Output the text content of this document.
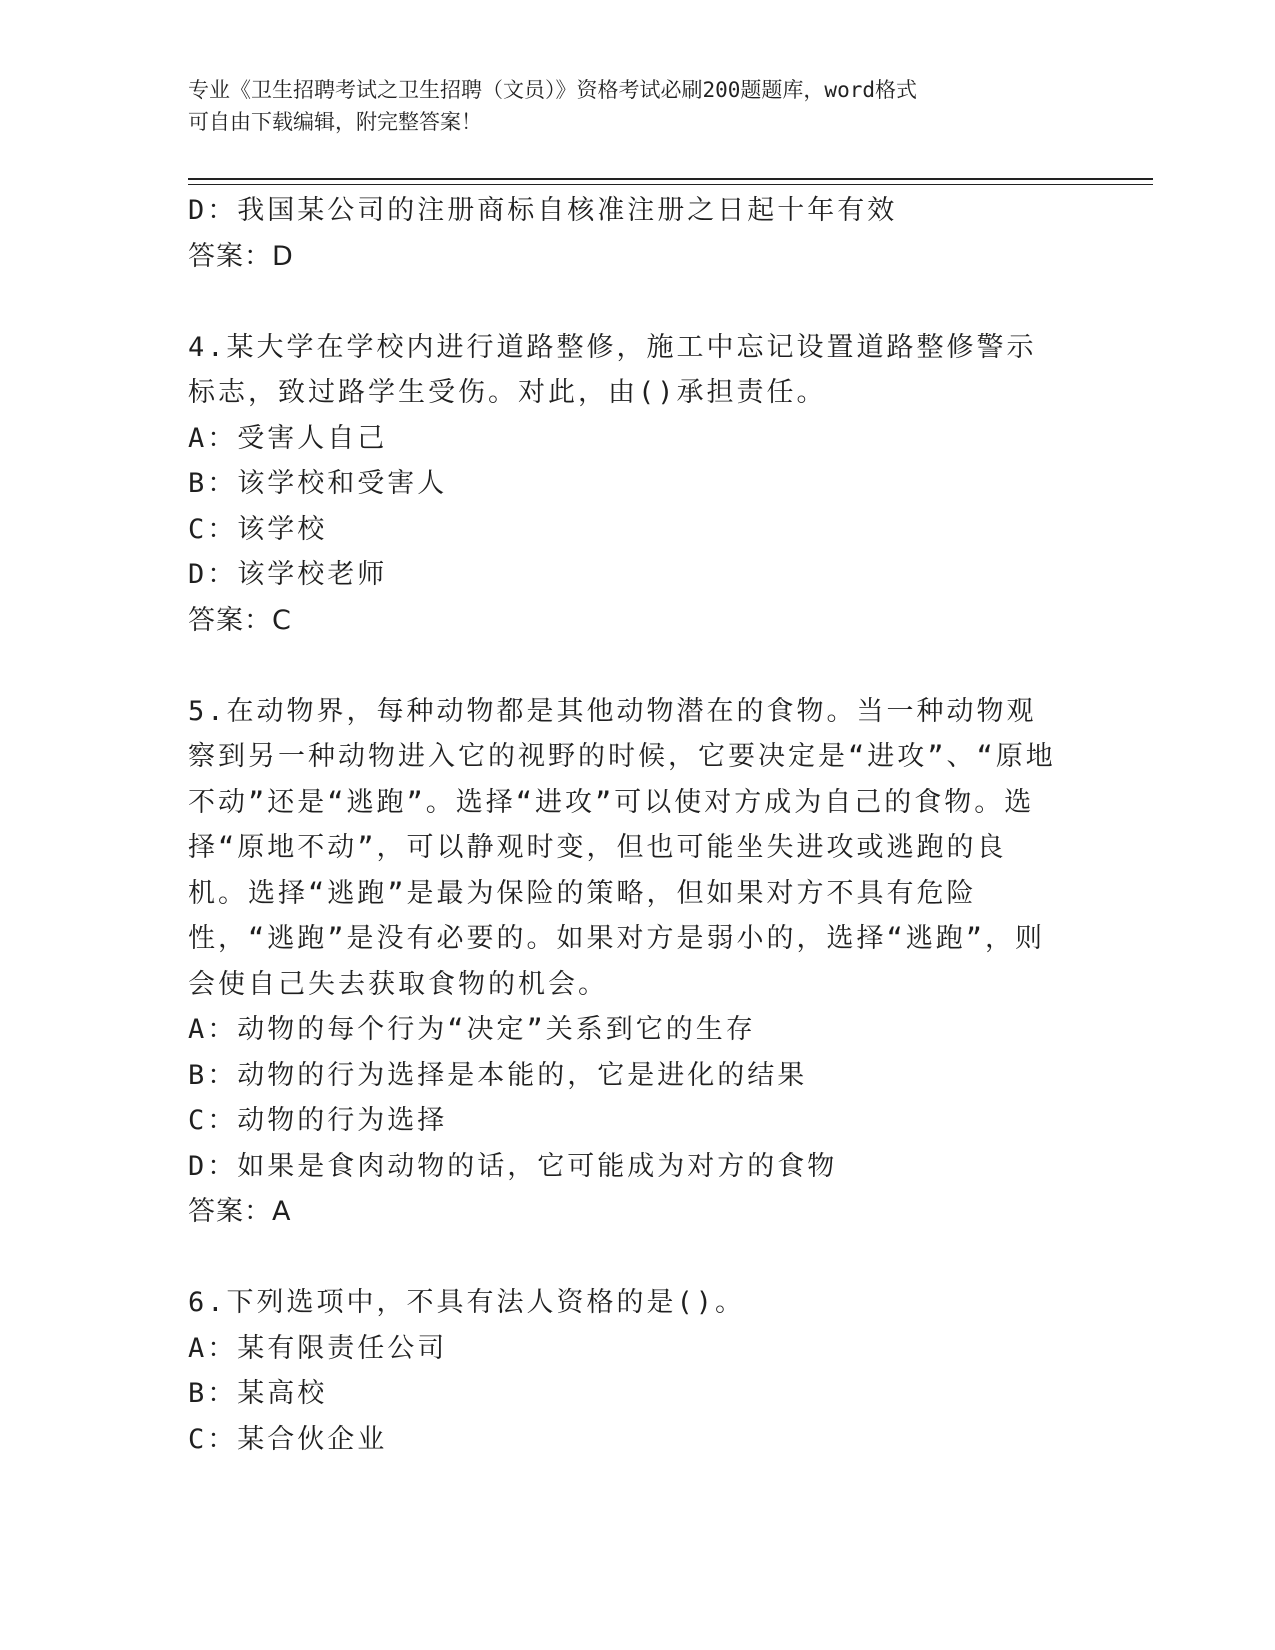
专业《卫生招聘考试之卫生招聘（文员）》资格考试必刷200题题库，word格式
可自由下载编辑，附完整答案！
D：我国某公司的注册商标自核准注册之日起十年有效
答案：D
4.某大学在学校内进行道路整修，施工中忘记设置道路整修警示标志，致过路学生受伤。对此，由()承担责任。
A：受害人自己
B：该学校和受害人
C：该学校
D：该学校老师
答案：C
5.在动物界，每种动物都是其他动物潜在的食物。当一种动物观察到另一种动物进入它的视野的时候，它要决定是“进攻”、“原地不动”还是“逃跑”。选择“进攻”可以使对方成为自己的食物。选择“原地不动”，可以静观时变，但也可能坐失进攻或逃跑的良机。选择“逃跑”是最为保险的策略，但如果对方不具有危险性，“逃跑”是没有必要的。如果对方是弱小的，选择“逃跑”，则会使自己失去获取食物的机会。
A：动物的每个行为“决定”关系到它的生存
B：动物的行为选择是本能的，它是进化的结果
C：动物的行为选择
D：如果是食肉动物的话，它可能成为对方的食物
答案：A
6.下列选项中，不具有法人资格的是()。
A：某有限责任公司
B：某高校
C：某合伙企业
